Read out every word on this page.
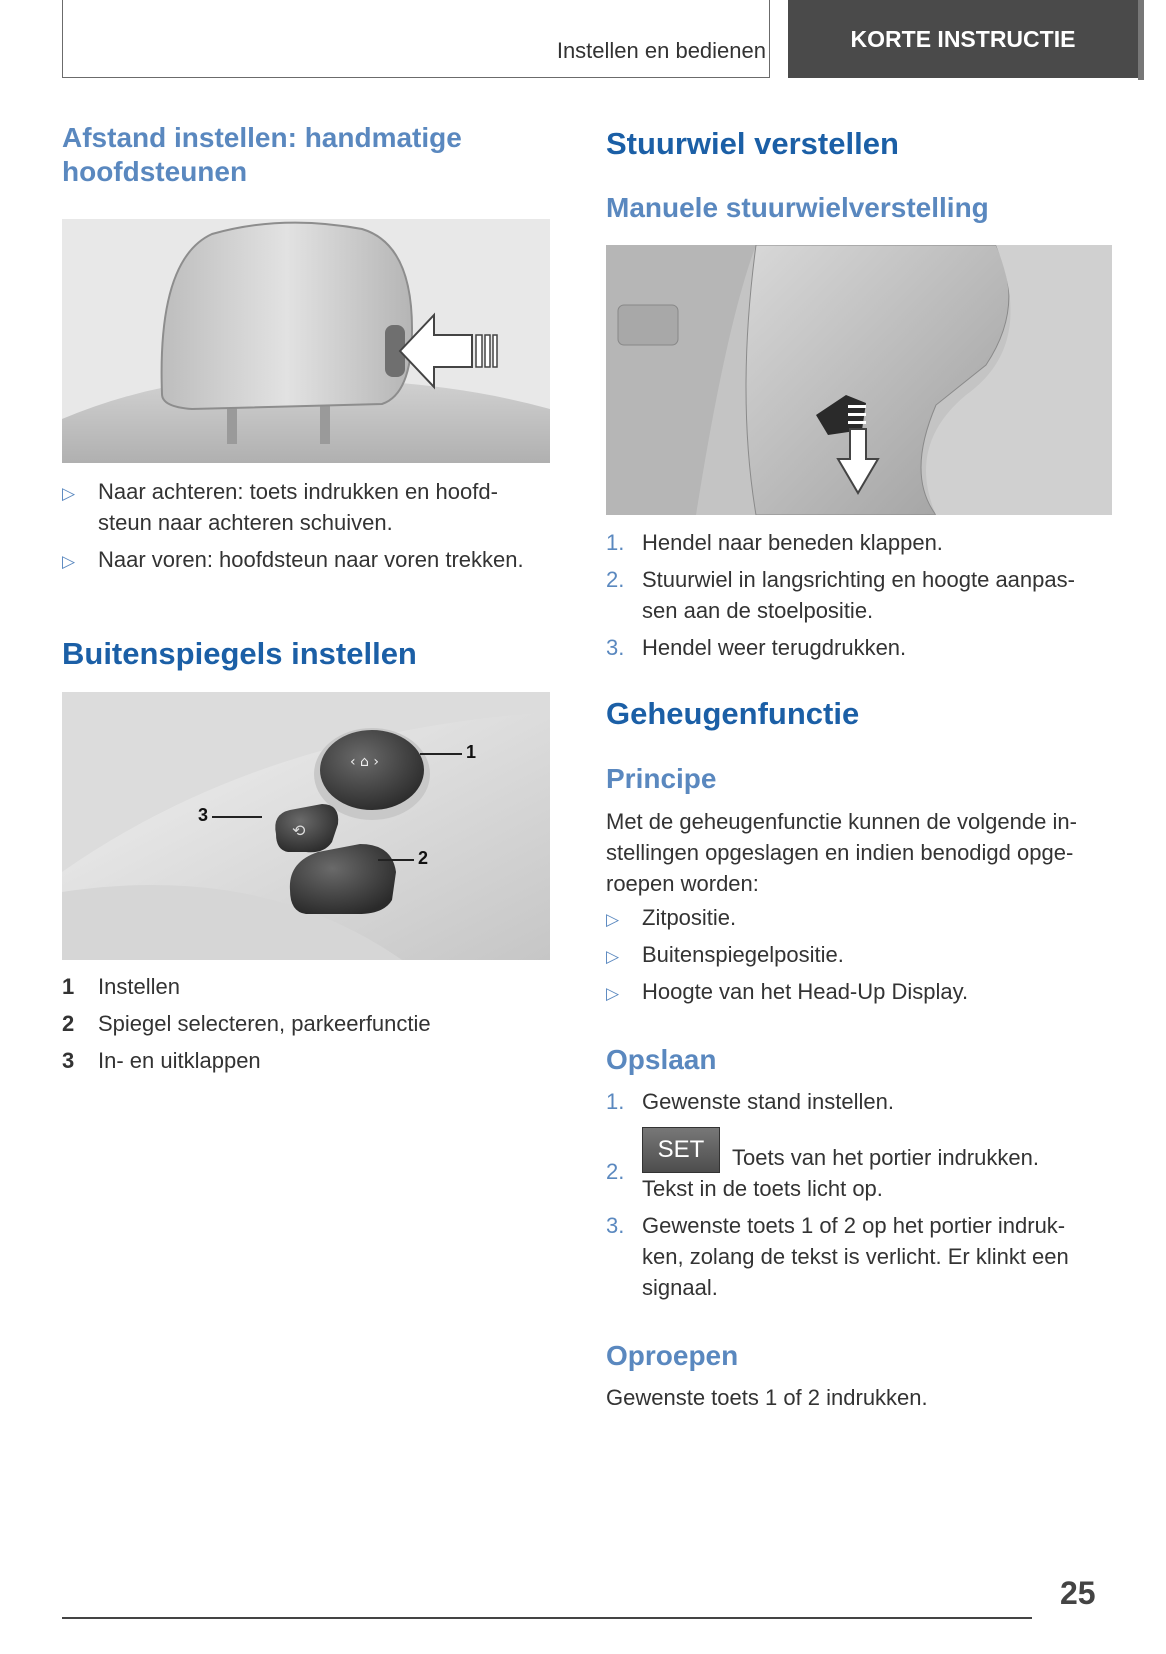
Instellen en bedienen	KORTE INSTRUCTIE
Afstand instellen: handmatige hoofdsteunen
▷ Naar achteren: toets indrukken en hoofd-steun naar achteren schuiven.
▷ Naar voren: hoofdsteun naar voren trekken.
Buitenspiegels instellen
‹ ⌂ ›
⟲
1
3
2
1 Instellen
2 Spiegel selecteren, parkeerfunctie
3 In- en uitklappen
Stuurwiel verstellen
Manuele stuurwielverstelling
1. Hendel naar beneden klappen.
2. Stuurwiel in langsrichting en hoogte aanpas-sen aan de stoelpositie.
3. Hendel weer terugdrukken.
Geheugenfunctie
Principe
Met de geheugenfunctie kunnen de volgende in-stellingen opgeslagen en indien benodigd opge-roepen worden:
▷ Zitpositie.
▷ Buitenspiegelpositie.
▷ Hoogte van het Head-Up Display.
Opslaan
1. Gewenste stand instellen.
2.
SET Toets van het portier indrukken.
Tekst in de toets licht op.
3. Gewenste toets 1 of 2 op het portier indruk-ken, zolang de tekst is verlicht. Er klinkt een signaal.
Oproepen
Gewenste toets 1 of 2 indrukken.
25
